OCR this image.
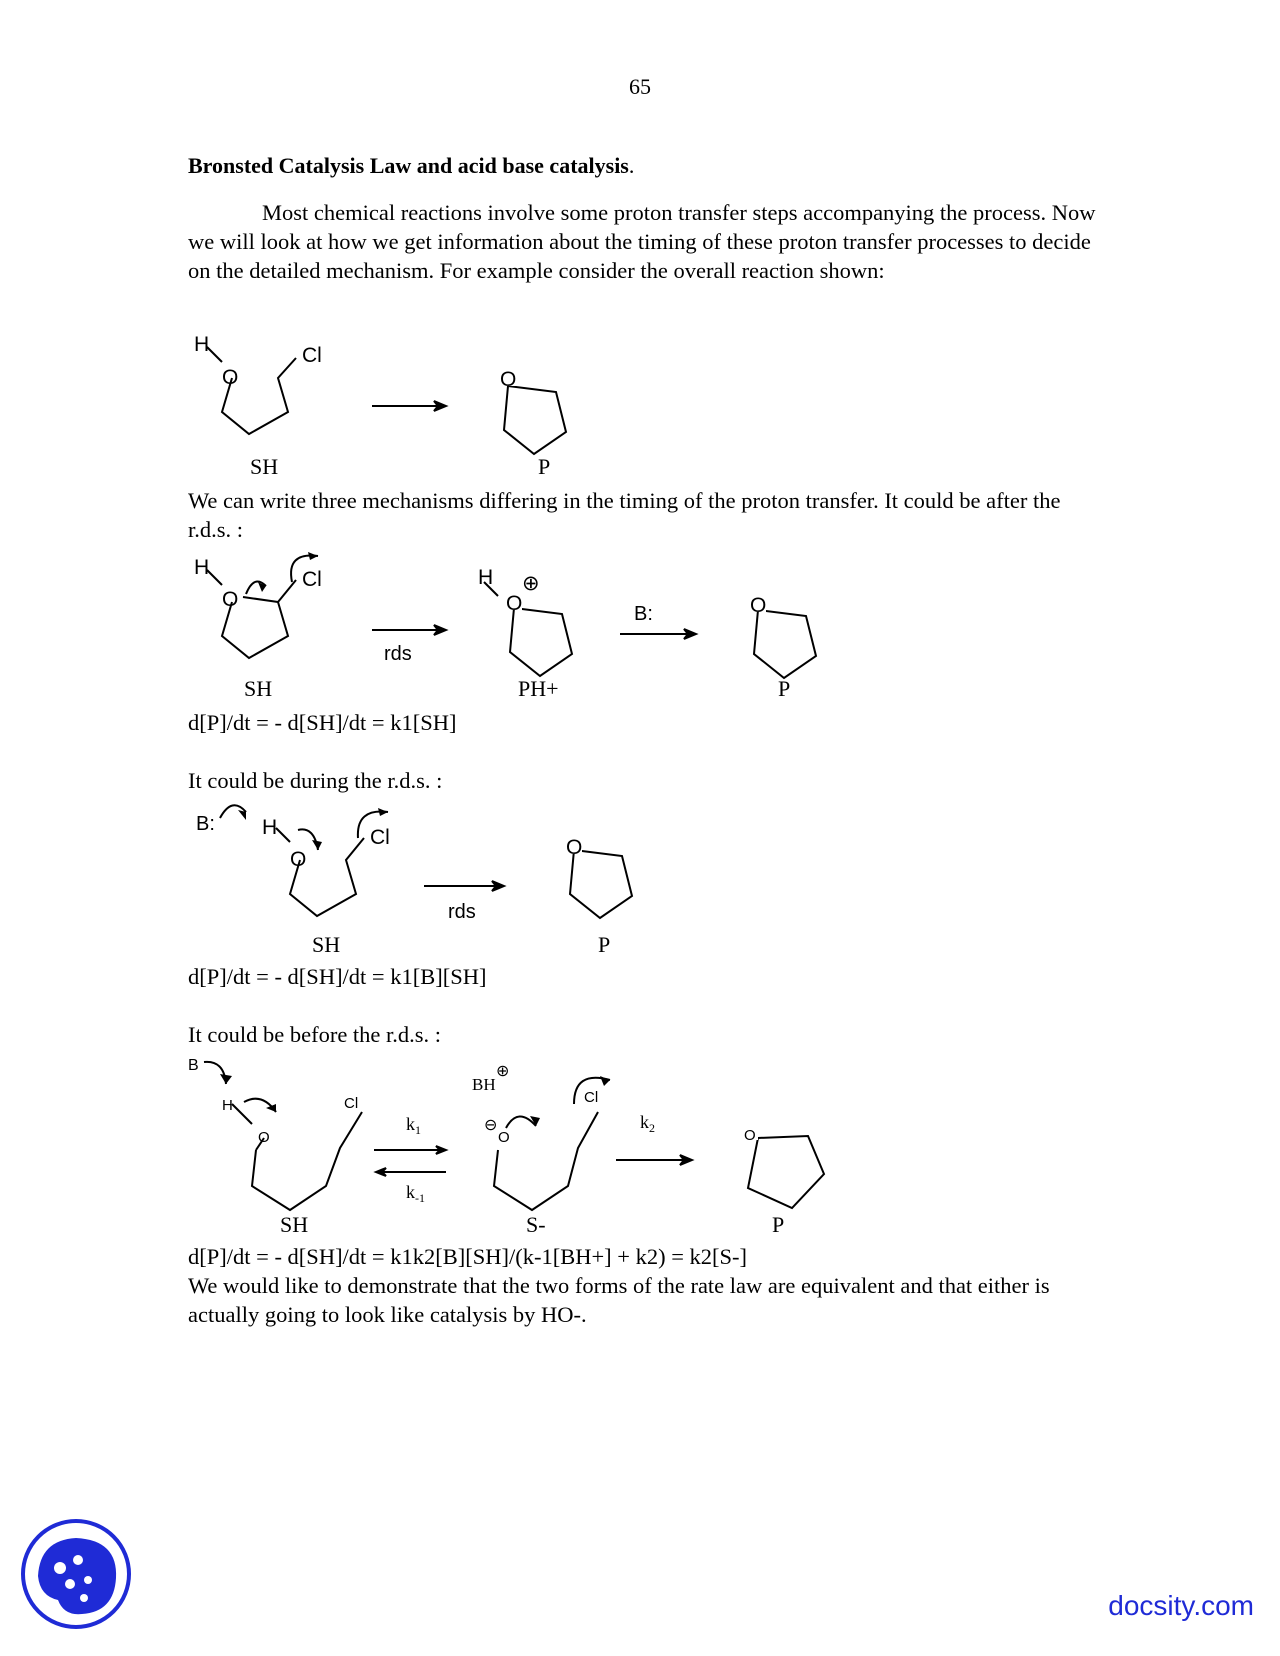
65
Bronsted Catalysis Law and acid base catalysis.
Most chemical reactions involve some proton transfer steps accompanying the process. Now we will look at how we get information about the timing of these proton transfer processes to decide on the detailed mechanism. For example consider the overall reaction shown:
H
O
Cl
O
SH	P
We can write three mechanisms differing in the timing of the proton transfer. It could be after the r.d.s. :
H
O
Cl
rds
H ⊕
O	B:	O
SH	PH+	P
d[P]/dt = - d[SH]/dt = k1[SH]
It could be during the r.d.s. :
B: H
O
Cl
rds
O
SH	P
d[P]/dt = - d[SH]/dt = k1[B][SH]
It could be before the r.d.s. :
B
H
O
Cl
$k_1$
$k_{-1}$
BH
⊕
⊖
O
Cl
$k_2$	O
SH	S-	P
d[P]/dt = - d[SH]/dt = k1k2[B][SH]/(k-1[BH+] + k2) = k2[S-]
We would like to demonstrate that the two forms of the rate law are equivalent and that either is actually going to look like catalysis by HO-.
docsity.com
